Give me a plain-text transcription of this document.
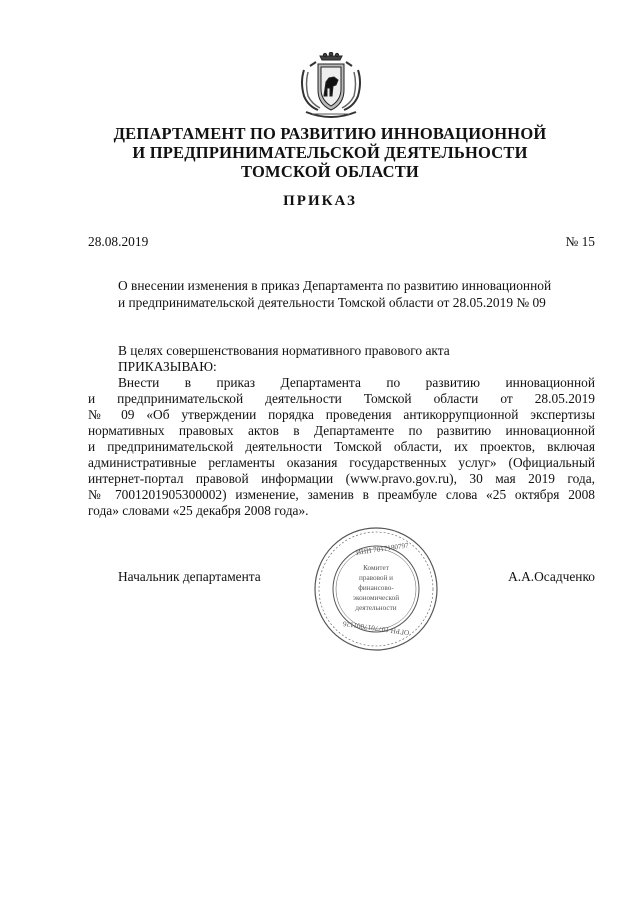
ДЕПАРТАМЕНТ ПО РАЗВИТИЮ ИННОВАЦИОННОЙ
И ПРЕДПРИНИМАТЕЛЬСКОЙ ДЕЯТЕЛЬНОСТИ
ТОМСКОЙ ОБЛАСТИ
ПРИКАЗ
28.08.2019	№ 15
О внесении изменения в приказ Департамента по развитию инновационной
и предпринимательской деятельности Томской области от 28.05.2019 № 09
В целях совершенствования нормативного правового акта
ПРИКАЗЫВАЮ:
Внести в приказ Департамента по развитию инновационной
и предпринимательской деятельности Томской области от 28.05.2019
№ 09 «Об утверждении порядка проведения антикоррупционной экспертизы
нормативных правовых актов в Департаменте по развитию инновационной
и предпринимательской деятельности Томской области, их проектов, включая
административные регламенты оказания государственных услуг» (Официальный
интернет-портал правовой информации (www.pravo.gov.ru), 30 мая 2019 года,
№ 7001201905300002) изменение, заменив в преамбуле слова «25 октября 2008
года» словами «25 декабря 2008 года».
ИНН 7017180797
Комитет
правовой и
финансово-
экономической
деятельности
ОГРН 1077017001126
Начальник департамента	А.А.Осадченко
